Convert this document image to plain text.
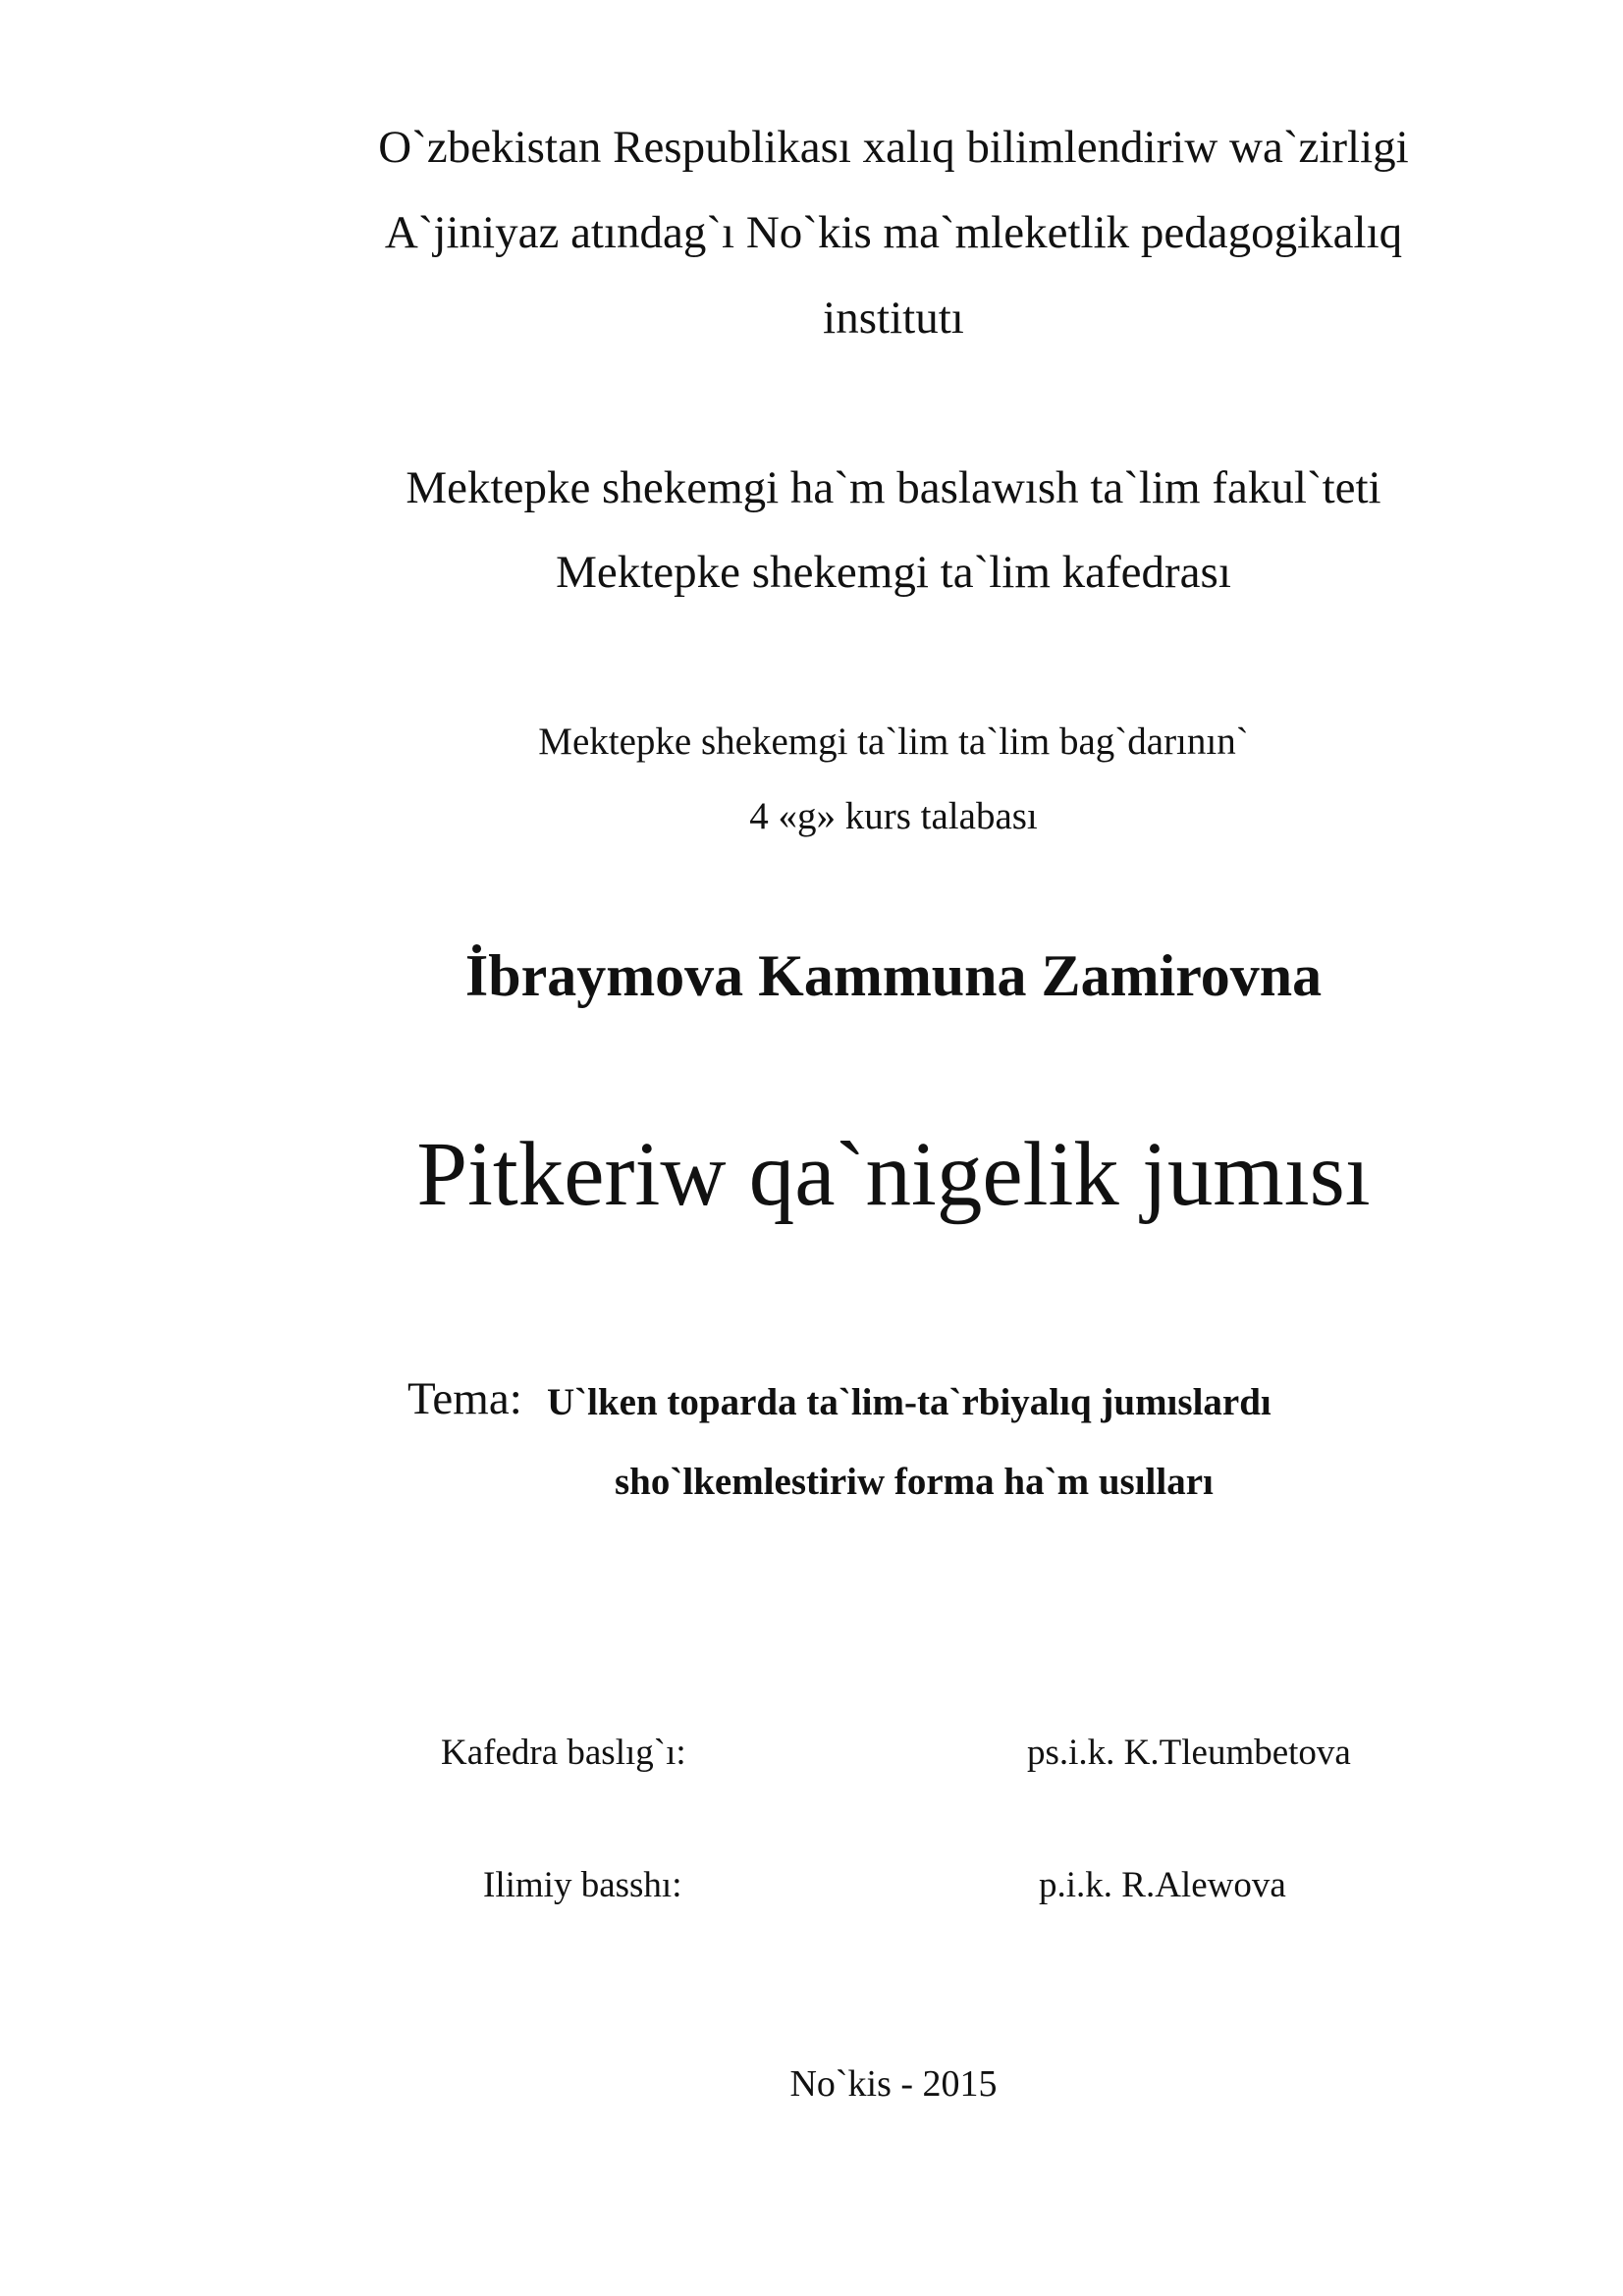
O`zbekistan Respublikası xalıq bilimlendiriw wa`zirligi
A`jiniyaz atındag`ı No`kis ma`mleketlik pedagogikalıq
institutı
Mektepke shekemgi ha`m baslawısh ta`lim fakul`teti
Mektepke shekemgi ta`lim kafedrası
Mektepke shekemgi ta`lim ta`lim bag`darının`
4 «g» kurs talabası
İbraymova Kammuna Zamirovna
Pitkeriw qa`nigelik jumısı
Tema: U`lken toparda ta`lim-ta`rbiyalıq jumıslardı
sho`lkemlestiriw forma ha`m usılları
Kafedra baslıg`ı:	ps.i.k. K.Tleumbetova
Ilimiy basshı:	p.i.k. R.Alewova
No`kis - 2015
